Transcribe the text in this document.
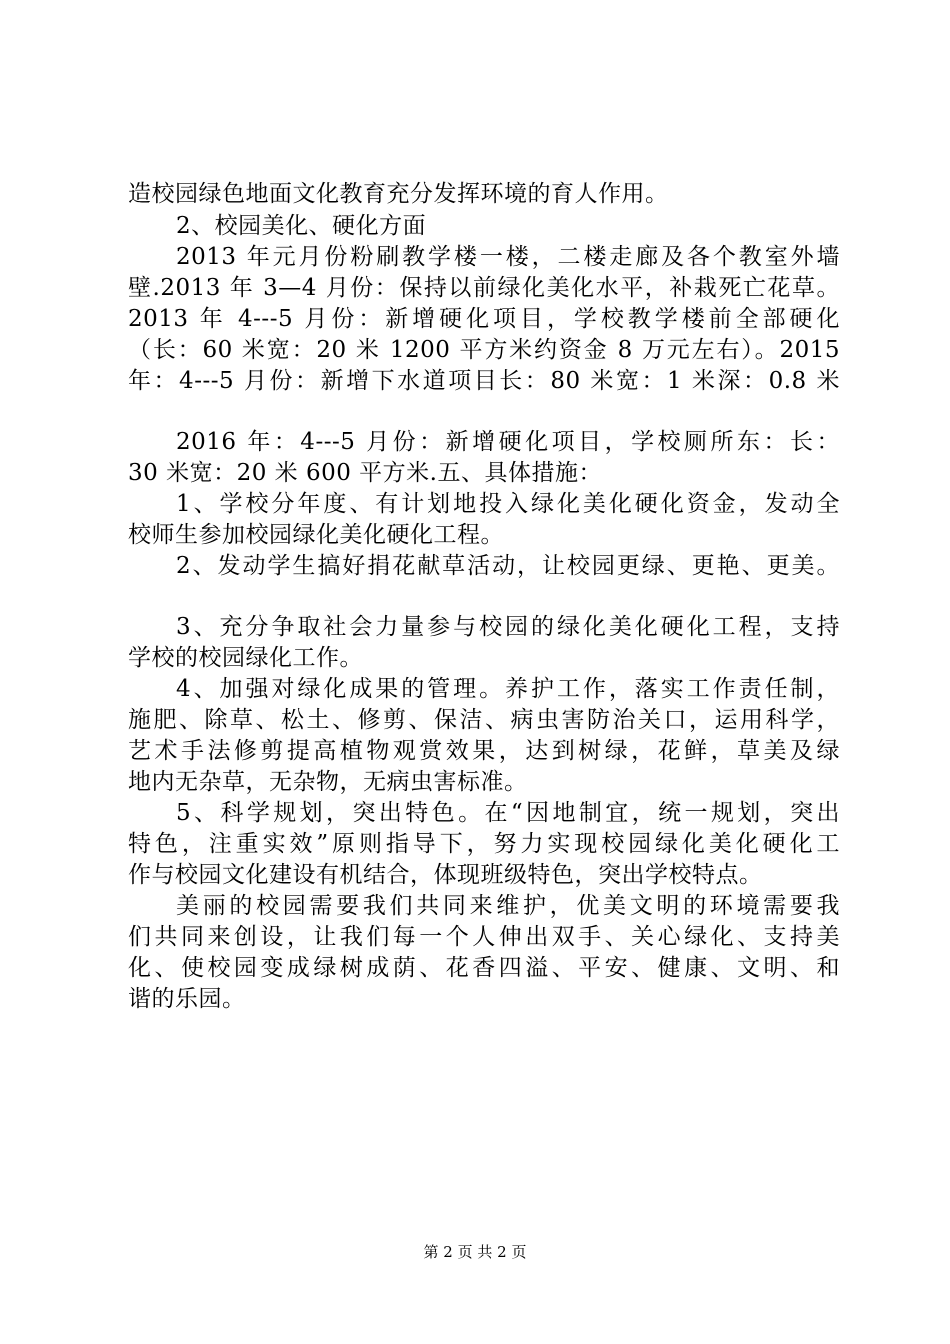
造校园绿色地面文化教育充分发挥环境的育人作用。
2、校园美化、硬化方面
2013 年元月份粉刷教学楼一楼，二楼走廊及各个教室外墙
壁.2013 年 3—4 月份：保持以前绿化美化水平，补栽死亡花草。
2013 年 4---5 月份：新增硬化项目，学校教学楼前全部硬化
（长：60 米宽：20 米 1200 平方米约资金 8 万元左右）。2015
年：4---5 月份：新增下水道项目长：80 米宽：1 米深：0.8 米
2016 年：4---5 月份：新增硬化项目，学校厕所东：长：
30 米宽：20 米 600 平方米.五、具体措施：
1、学校分年度、有计划地投入绿化美化硬化资金，发动全
校师生参加校园绿化美化硬化工程。
2、发动学生搞好捐花献草活动，让校园更绿、更艳、更美。
3、充分争取社会力量参与校园的绿化美化硬化工程，支持
学校的校园绿化工作。
4、加强对绿化成果的管理。养护工作，落实工作责任制，
施肥、除草、松土、修剪、保洁、病虫害防治关口，运用科学，
艺术手法修剪提高植物观赏效果，达到树绿，花鲜，草美及绿
地内无杂草，无杂物，无病虫害标准。
5、科学规划，突出特色。在“因地制宜，统一规划，突出
特色，注重实效”原则指导下，努力实现校园绿化美化硬化工
作与校园文化建设有机结合，体现班级特色，突出学校特点。
美丽的校园需要我们共同来维护，优美文明的环境需要我
们共同来创设，让我们每一个人伸出双手、关心绿化、支持美
化、使校园变成绿树成荫、花香四溢、平安、健康、文明、和
谐的乐园。
第 2 页 共 2 页
